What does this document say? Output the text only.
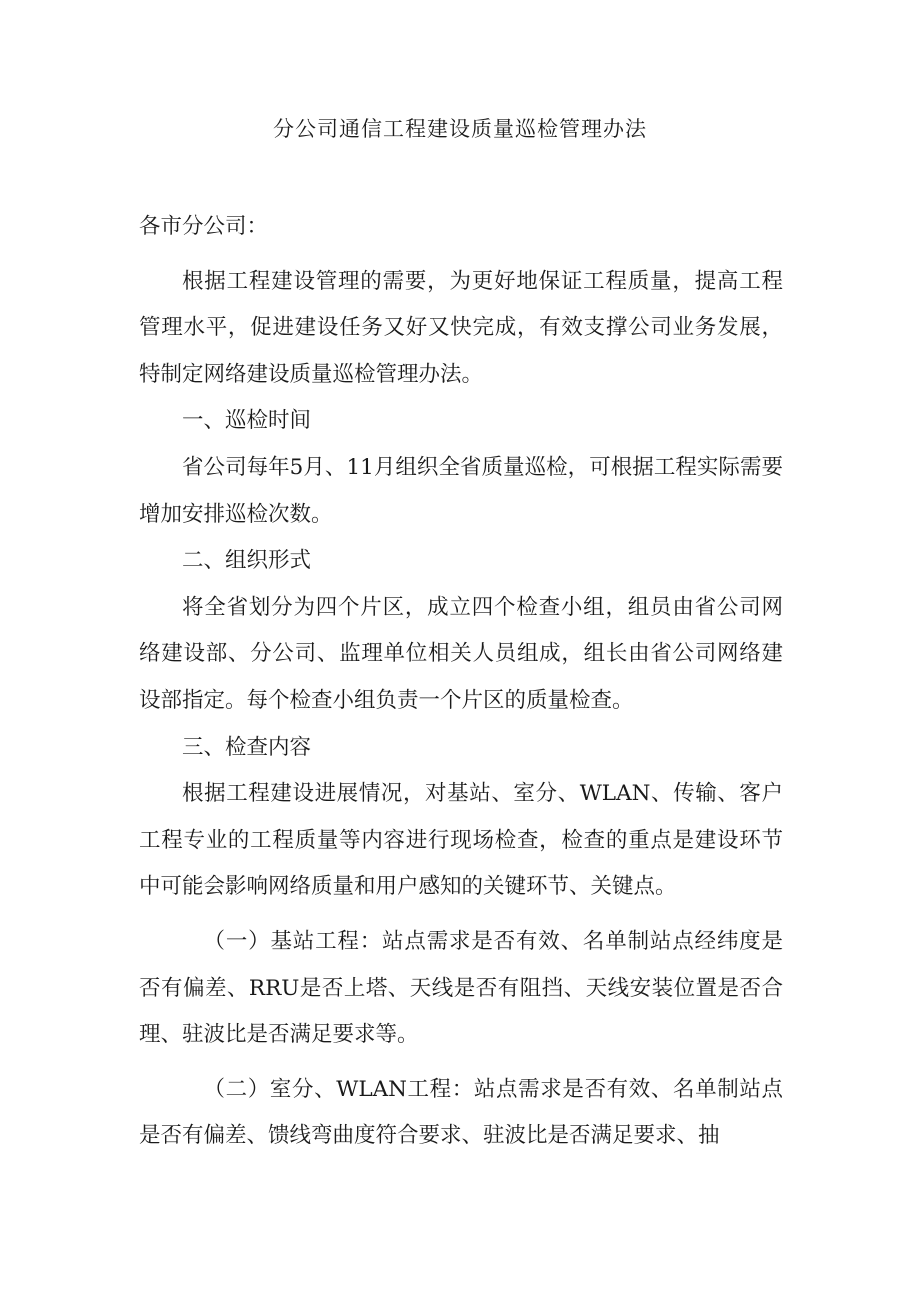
分公司通信工程建设质量巡检管理办法

各市分公司：

根据工程建设管理的需要，为更好地保证工程质量，提高工程管理水平，促进建设任务又好又快完成，有效支撑公司业务发展，特制定网络建设质量巡检管理办法。

一、巡检时间

省公司每年5月、11月组织全省质量巡检，可根据工程实际需要增加安排巡检次数。

二、组织形式

将全省划分为四个片区，成立四个检查小组，组员由省公司网络建设部、分公司、监理单位相关人员组成，组长由省公司网络建设部指定。每个检查小组负责一个片区的质量检查。

三、检查内容

根据工程建设进展情况，对基站、室分、WLAN、传输、客户工程专业的工程质量等内容进行现场检查，检查的重点是建设环节中可能会影响网络质量和用户感知的关键环节、关键点。

（一）基站工程：站点需求是否有效、名单制站点经纬度是否有偏差、RRU是否上塔、天线是否有阻挡、天线安装位置是否合理、驻波比是否满足要求等。

（二）室分、WLAN工程：站点需求是否有效、名单制站点是否有偏差、馈线弯曲度符合要求、驻波比是否满足要求、抽
